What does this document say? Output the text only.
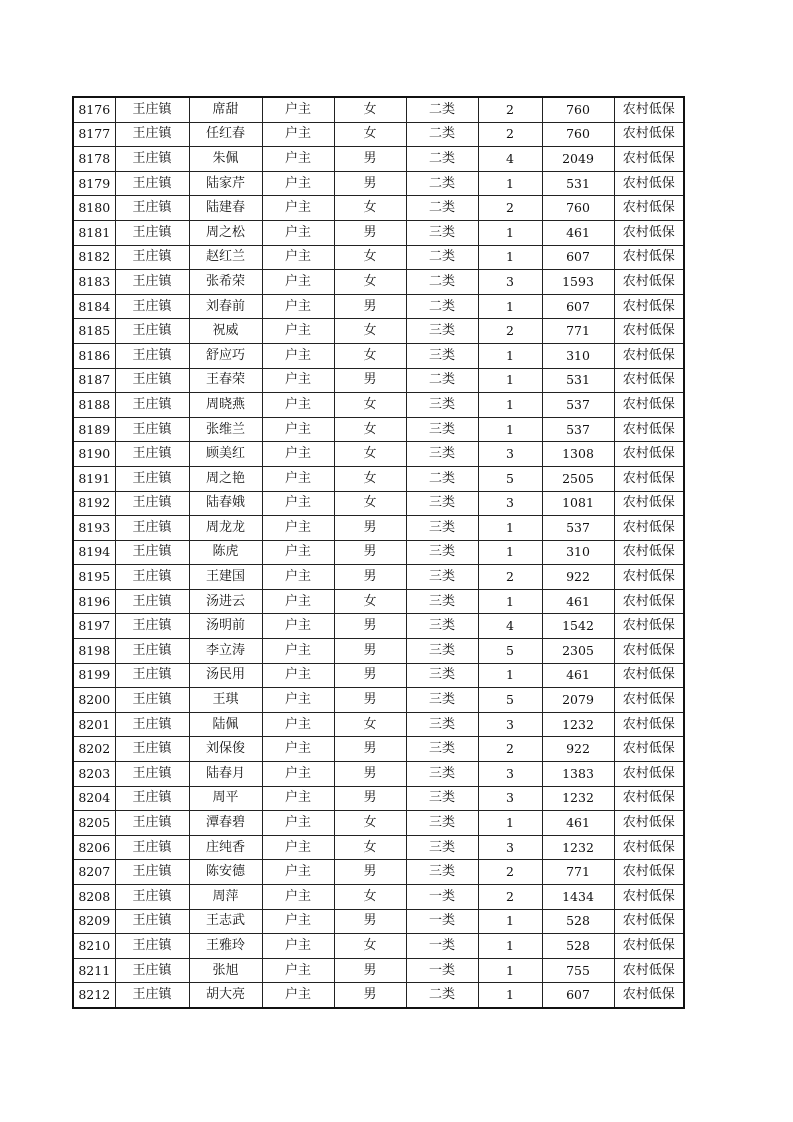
8176	王庄镇	席甜	户主	女	二类	2	760	农村低保
8177	王庄镇	任红春	户主	女	二类	2	760	农村低保
8178	王庄镇	朱佩	户主	男	二类	4	2049	农村低保
8179	王庄镇	陆家芹	户主	男	二类	1	531	农村低保
8180	王庄镇	陆建春	户主	女	二类	2	760	农村低保
8181	王庄镇	周之松	户主	男	三类	1	461	农村低保
8182	王庄镇	赵红兰	户主	女	二类	1	607	农村低保
8183	王庄镇	张希荣	户主	女	二类	3	1593	农村低保
8184	王庄镇	刘春前	户主	男	二类	1	607	农村低保
8185	王庄镇	祝威	户主	女	三类	2	771	农村低保
8186	王庄镇	舒应巧	户主	女	三类	1	310	农村低保
8187	王庄镇	王春荣	户主	男	二类	1	531	农村低保
8188	王庄镇	周晓燕	户主	女	三类	1	537	农村低保
8189	王庄镇	张维兰	户主	女	三类	1	537	农村低保
8190	王庄镇	顾美红	户主	女	三类	3	1308	农村低保
8191	王庄镇	周之艳	户主	女	二类	5	2505	农村低保
8192	王庄镇	陆春娥	户主	女	三类	3	1081	农村低保
8193	王庄镇	周龙龙	户主	男	三类	1	537	农村低保
8194	王庄镇	陈虎	户主	男	三类	1	310	农村低保
8195	王庄镇	王建国	户主	男	三类	2	922	农村低保
8196	王庄镇	汤进云	户主	女	三类	1	461	农村低保
8197	王庄镇	汤明前	户主	男	三类	4	1542	农村低保
8198	王庄镇	李立涛	户主	男	三类	5	2305	农村低保
8199	王庄镇	汤民用	户主	男	三类	1	461	农村低保
8200	王庄镇	王琪	户主	男	三类	5	2079	农村低保
8201	王庄镇	陆佩	户主	女	三类	3	1232	农村低保
8202	王庄镇	刘保俊	户主	男	三类	2	922	农村低保
8203	王庄镇	陆春月	户主	男	三类	3	1383	农村低保
8204	王庄镇	周平	户主	男	三类	3	1232	农村低保
8205	王庄镇	潭春碧	户主	女	三类	1	461	农村低保
8206	王庄镇	庄纯香	户主	女	三类	3	1232	农村低保
8207	王庄镇	陈安德	户主	男	三类	2	771	农村低保
8208	王庄镇	周萍	户主	女	一类	2	1434	农村低保
8209	王庄镇	王志武	户主	男	一类	1	528	农村低保
8210	王庄镇	王雅玲	户主	女	一类	1	528	农村低保
8211	王庄镇	张旭	户主	男	一类	1	755	农村低保
8212	王庄镇	胡大亮	户主	男	二类	1	607	农村低保
